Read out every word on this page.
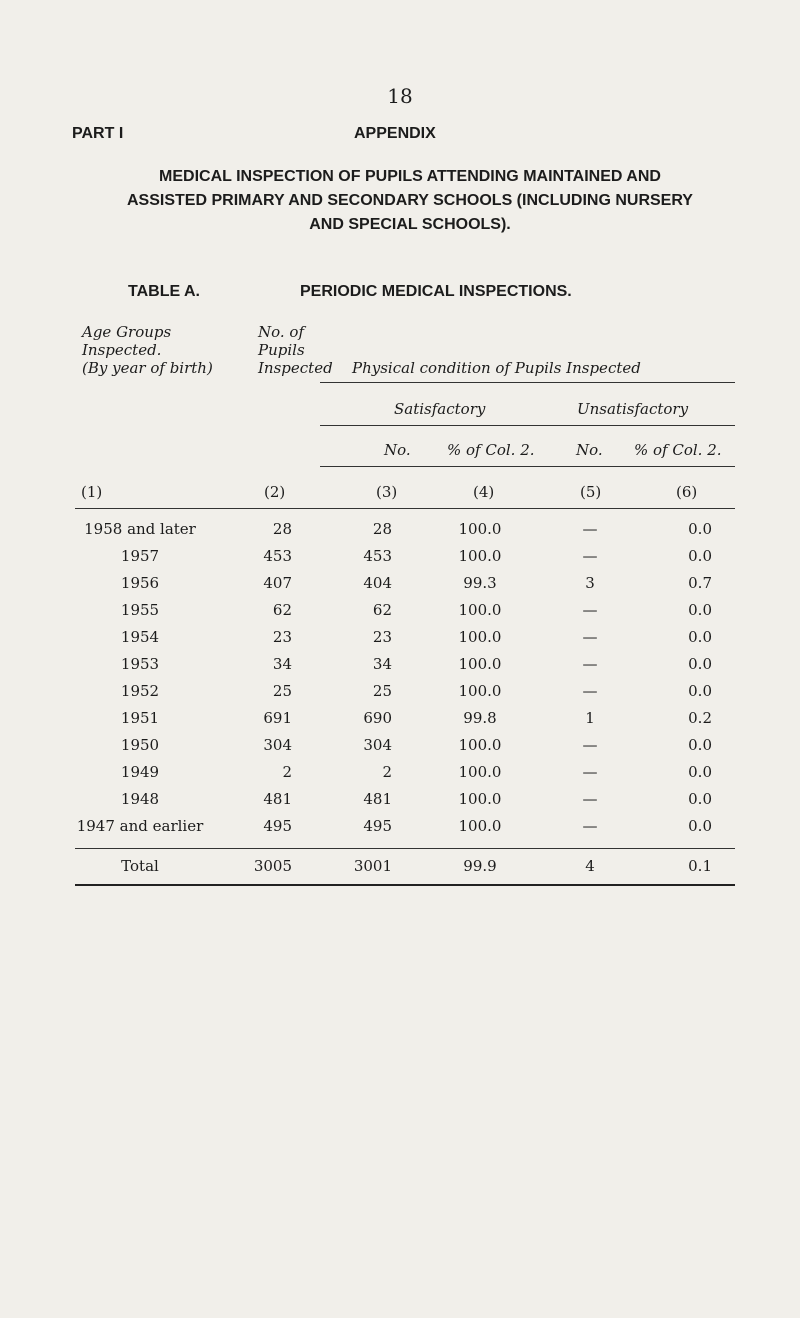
18
PART I	APPENDIX
MEDICAL INSPECTION OF PUPILS ATTENDING MAINTAINED AND
ASSISTED PRIMARY AND SECONDARY SCHOOLS (INCLUDING NURSERY
AND SPECIAL SCHOOLS).
TABLE A.	PERIODIC MEDICAL INSPECTIONS.
Age Groups
Inspected.
(By year of birth)
No. of
Pupils
Inspected Physical condition of Pupils Inspected
Satisfactory	Unsatisfactory
No. % of Col. 2.	No. % of Col. 2.
(1)	(2)	(3)	(4)	(5)	(6)
1958 and later	28	28	100.0	—	0.0
1957	453	453	100.0	—	0.0
1956	407	404	99.3	3	0.7
1955	62	62	100.0	—	0.0
1954	23	23	100.0	—	0.0
1953	34	34	100.0	—	0.0
1952	25	25	100.0	—	0.0
1951	691	690	99.8	1	0.2
1950	304	304	100.0	—	0.0
1949	2	2	100.0	—	0.0
1948	481	481	100.0	—	0.0
1947 and earlier	495	495	100.0	—	0.0
Total	3005	3001	99.9	4	0.1
